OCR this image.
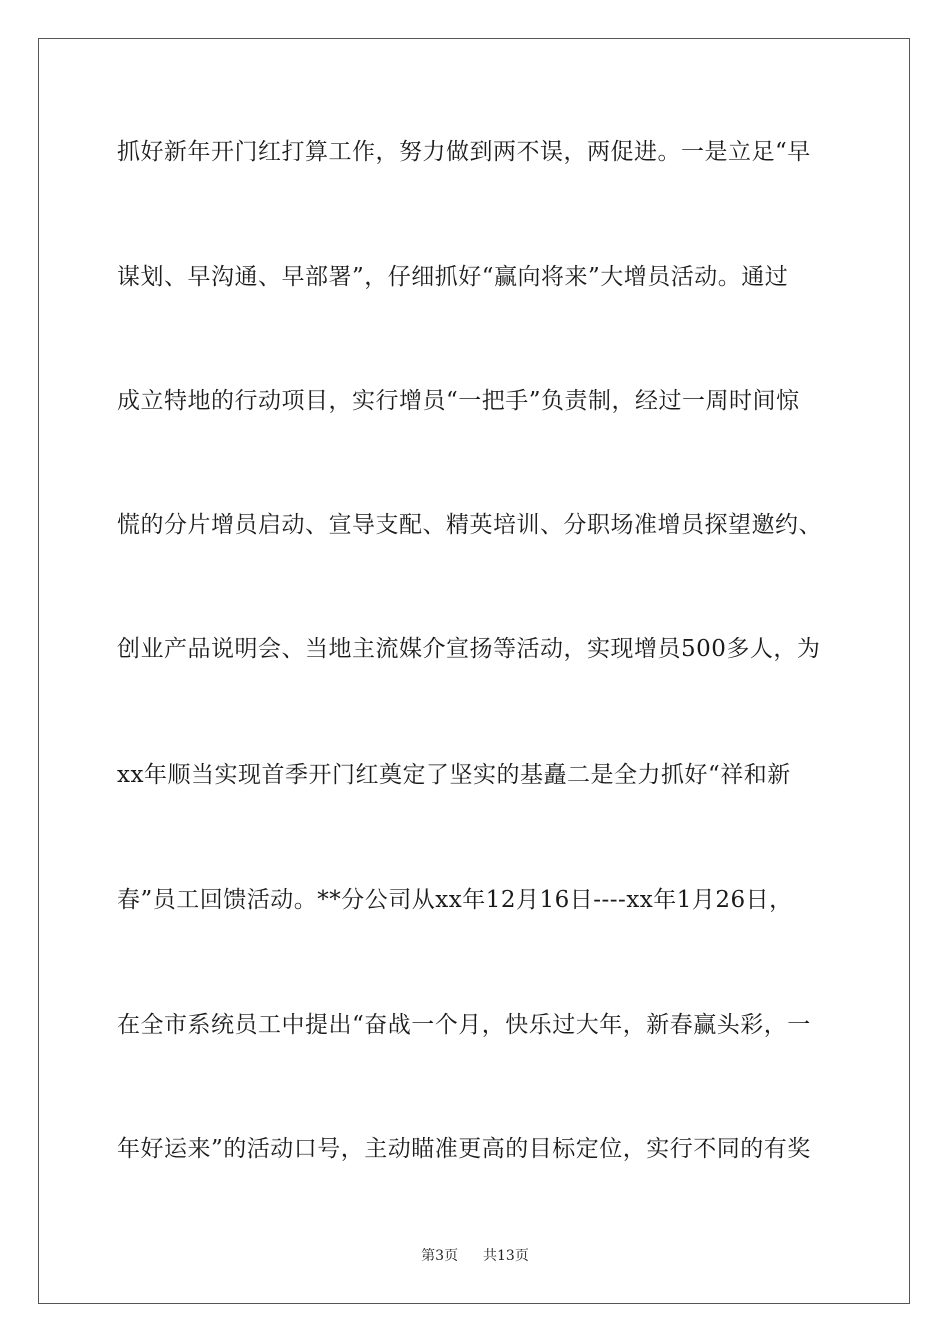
抓好新年开门红打算工作，努力做到两不误，两促进。一是立足“早
谋划、早沟通、早部署”，仔细抓好“赢向将来”大增员活动。通过
成立特地的行动项目，实行增员“一把手”负责制，经过一周时间惊
慌的分片增员启动、宣导支配、精英培训、分职场准增员探望邀约、
创业产品说明会、当地主流媒介宣扬等活动，实现增员500多人，为
xx年顺当实现首季开门红奠定了坚实的基矗二是全力抓好“祥和新
春”员工回馈活动。**分公司从xx年12月16日----xx年1月26日，
在全市系统员工中提出“奋战一个月，快乐过大年，新春赢头彩，一
年好运来”的活动口号，主动瞄准更高的目标定位，实行不同的有奖
第3页 共13页
